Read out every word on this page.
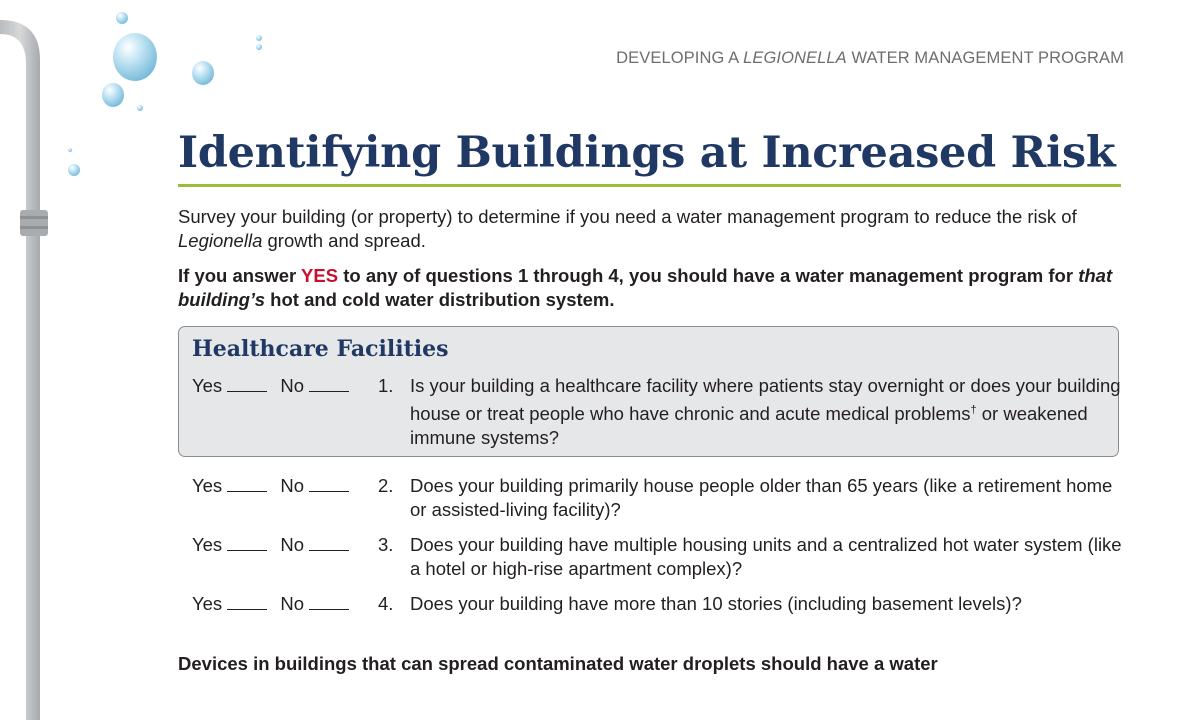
DEVELOPING A LEGIONELLA WATER MANAGEMENT PROGRAM
Identifying Buildings at Increased Risk
Survey your building (or property) to determine if you need a water management program to reduce the risk of Legionella growth and spread.
If you answer YES to any of questions 1 through 4, you should have a water management program for that building’s hot and cold water distribution system.
Healthcare Facilities
Yes	No	1. Is your building a healthcare facility where patients stay overnight or does your building house or treat people who have chronic and acute medical problems† or weakened immune systems?
Yes	No	2. Does your building primarily house people older than 65 years (like a retirement home or assisted-living facility)?
Yes	No	3. Does your building have multiple housing units and a centralized hot water system (like a hotel or high-rise apartment complex)?
Yes	No	4. Does your building have more than 10 stories (including basement levels)?
Devices in buildings that can spread contaminated water droplets should have a water
